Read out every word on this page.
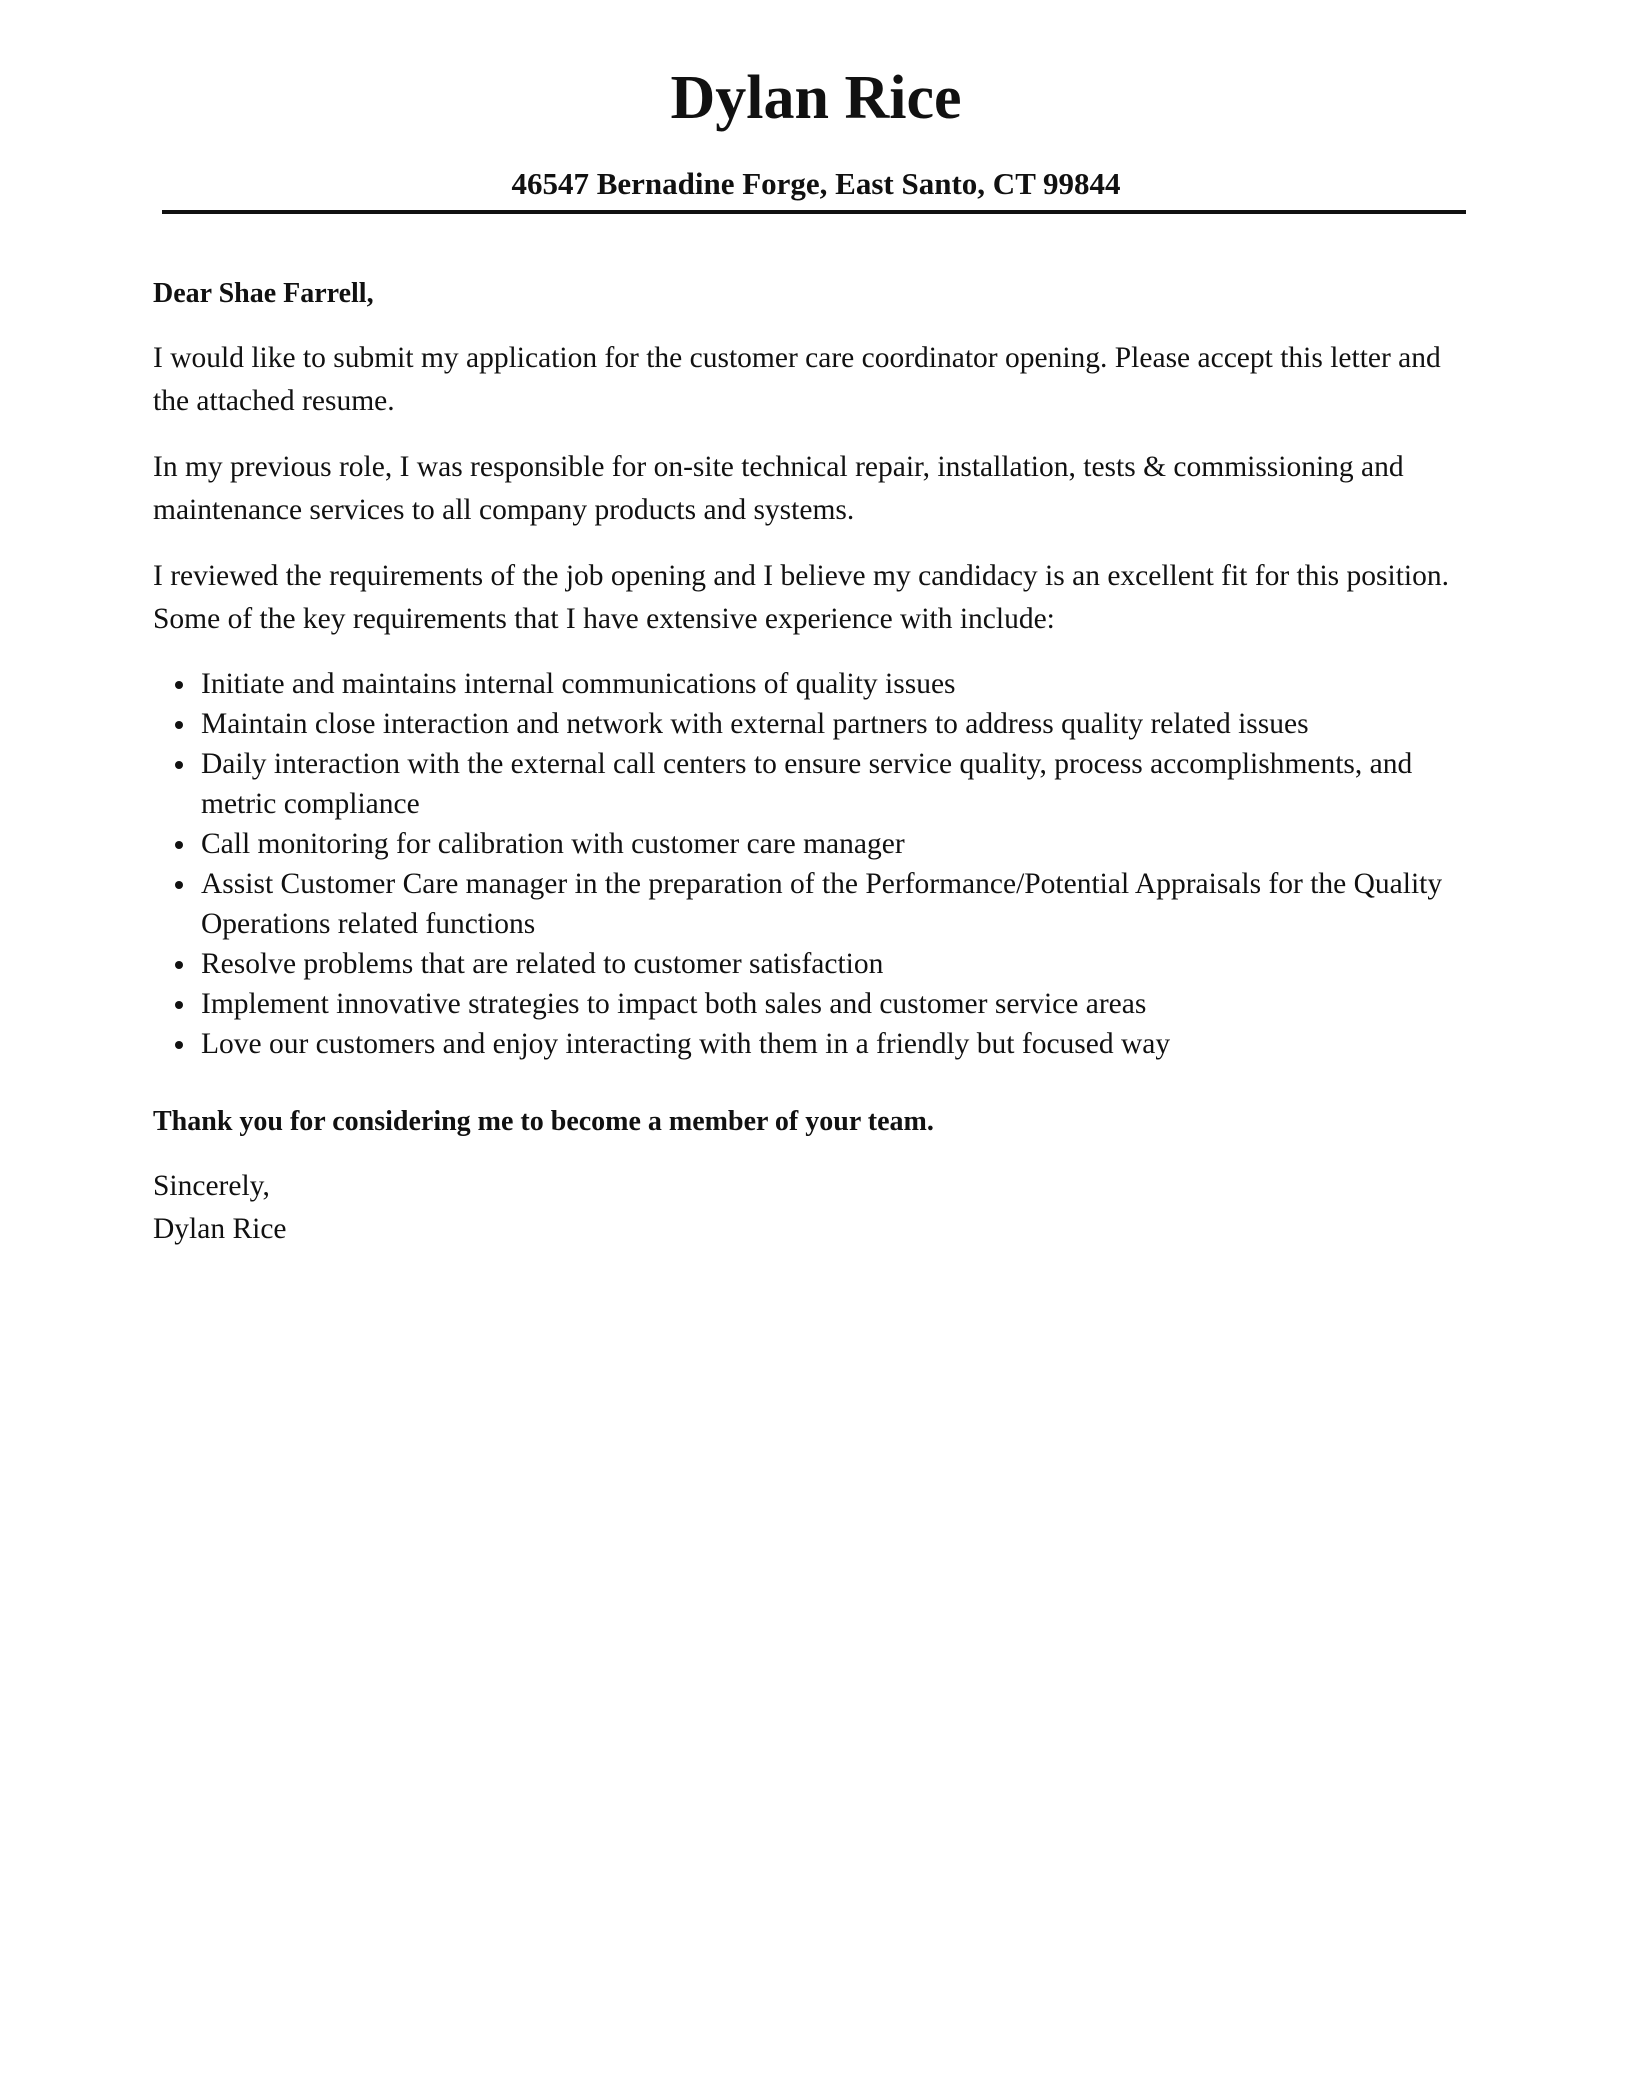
Dylan Rice
46547 Bernadine Forge, East Santo, CT 99844

Dear Shae Farrell,

I would like to submit my application for the customer care coordinator opening. Please accept this letter and the attached resume.

In my previous role, I was responsible for on-site technical repair, installation, tests & commissioning and maintenance services to all company products and systems.

I reviewed the requirements of the job opening and I believe my candidacy is an excellent fit for this position. Some of the key requirements that I have extensive experience with include:

Initiate and maintains internal communications of quality issues
Maintain close interaction and network with external partners to address quality related issues
Daily interaction with the external call centers to ensure service quality, process accomplishments, and metric compliance
Call monitoring for calibration with customer care manager
Assist Customer Care manager in the preparation of the Performance/Potential Appraisals for the Quality Operations related functions
Resolve problems that are related to customer satisfaction
Implement innovative strategies to impact both sales and customer service areas
Love our customers and enjoy interacting with them in a friendly but focused way

Thank you for considering me to become a member of your team.

Sincerely,

Dylan Rice
